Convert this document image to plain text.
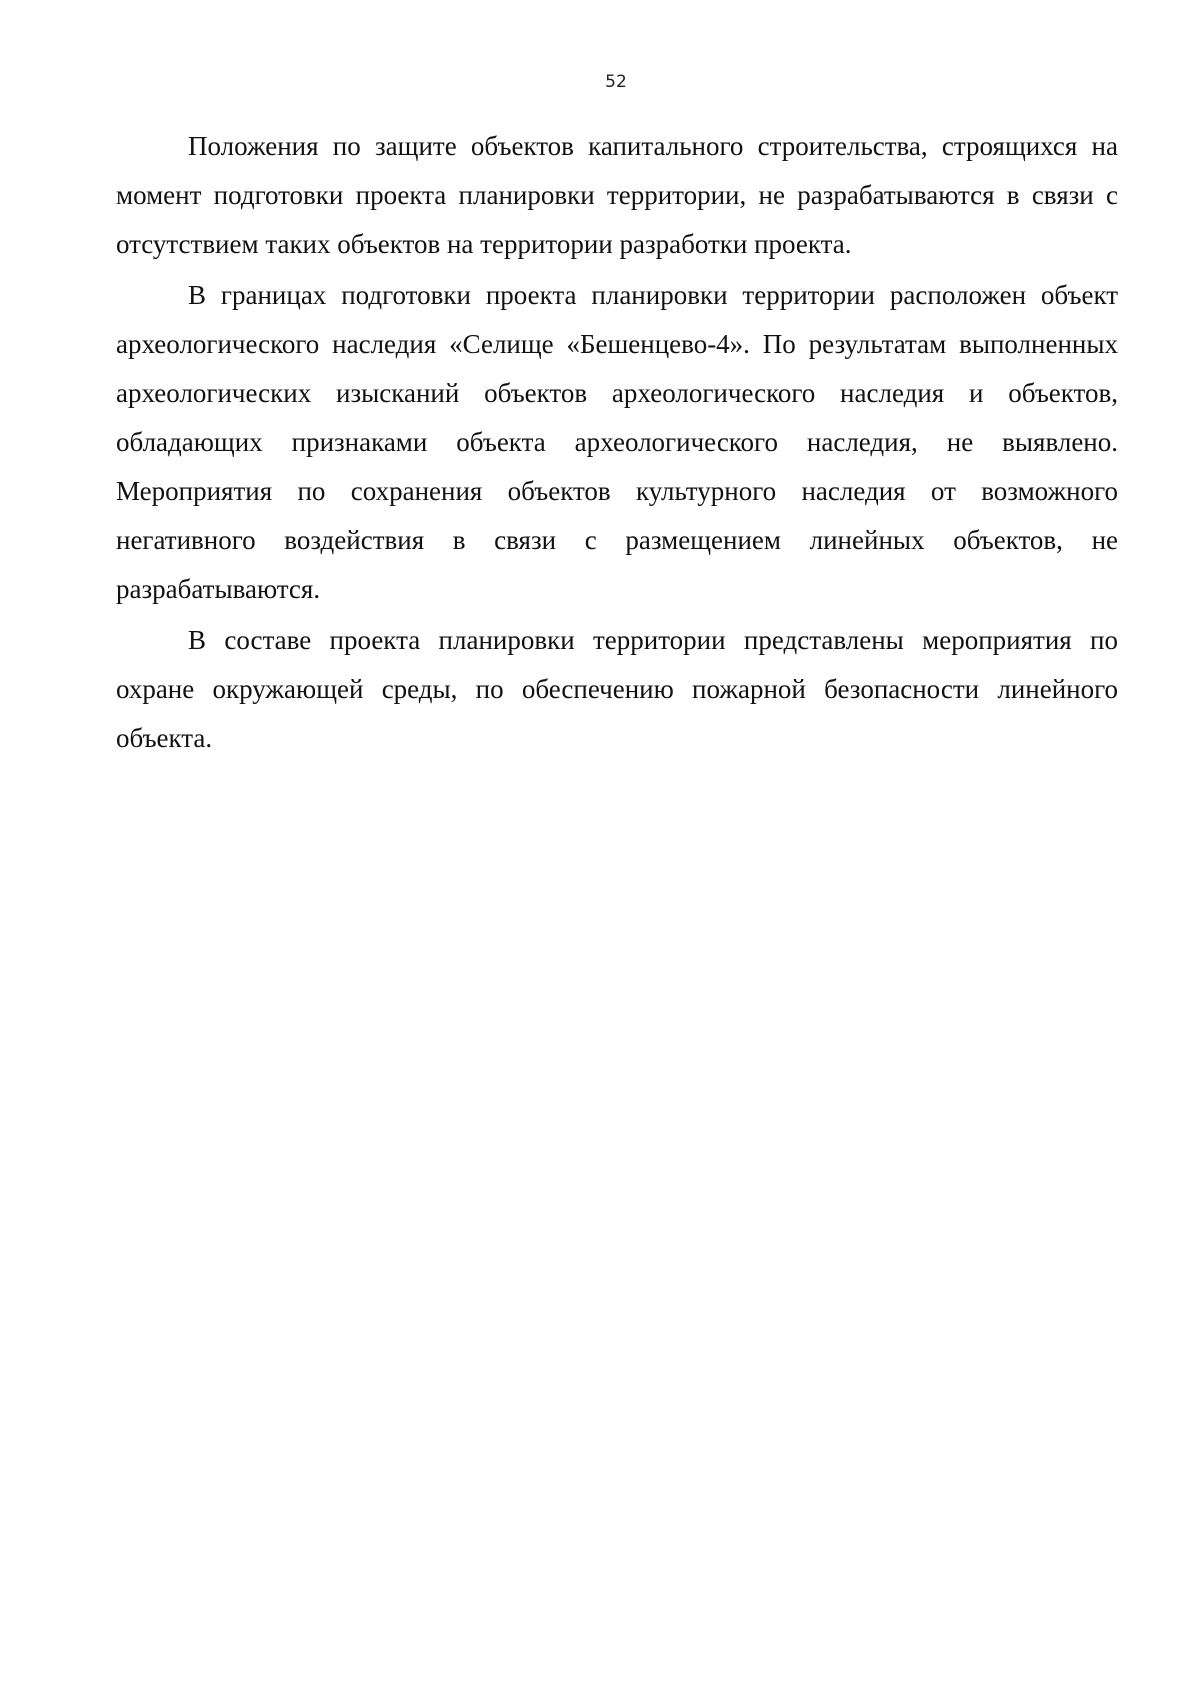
52

Положения по защите объектов капитального строительства, строящихся на момент подготовки проекта планировки территории, не разрабатываются в связи с отсутствием таких объектов на территории разработки проекта.

В границах подготовки проекта планировки территории расположен объект археологического наследия «Селище «Бешенцево-4». По результатам выполненных археологических изысканий объектов археологического наследия и объектов, обладающих признаками объекта археологического наследия, не выявлено. Мероприятия по сохранения объектов культурного наследия от возможного негативного воздействия в связи с размещением линейных объектов, не разрабатываются.

В составе проекта планировки территории представлены мероприятия по охране окружающей среды, по обеспечению пожарной безопасности линейного объекта.
